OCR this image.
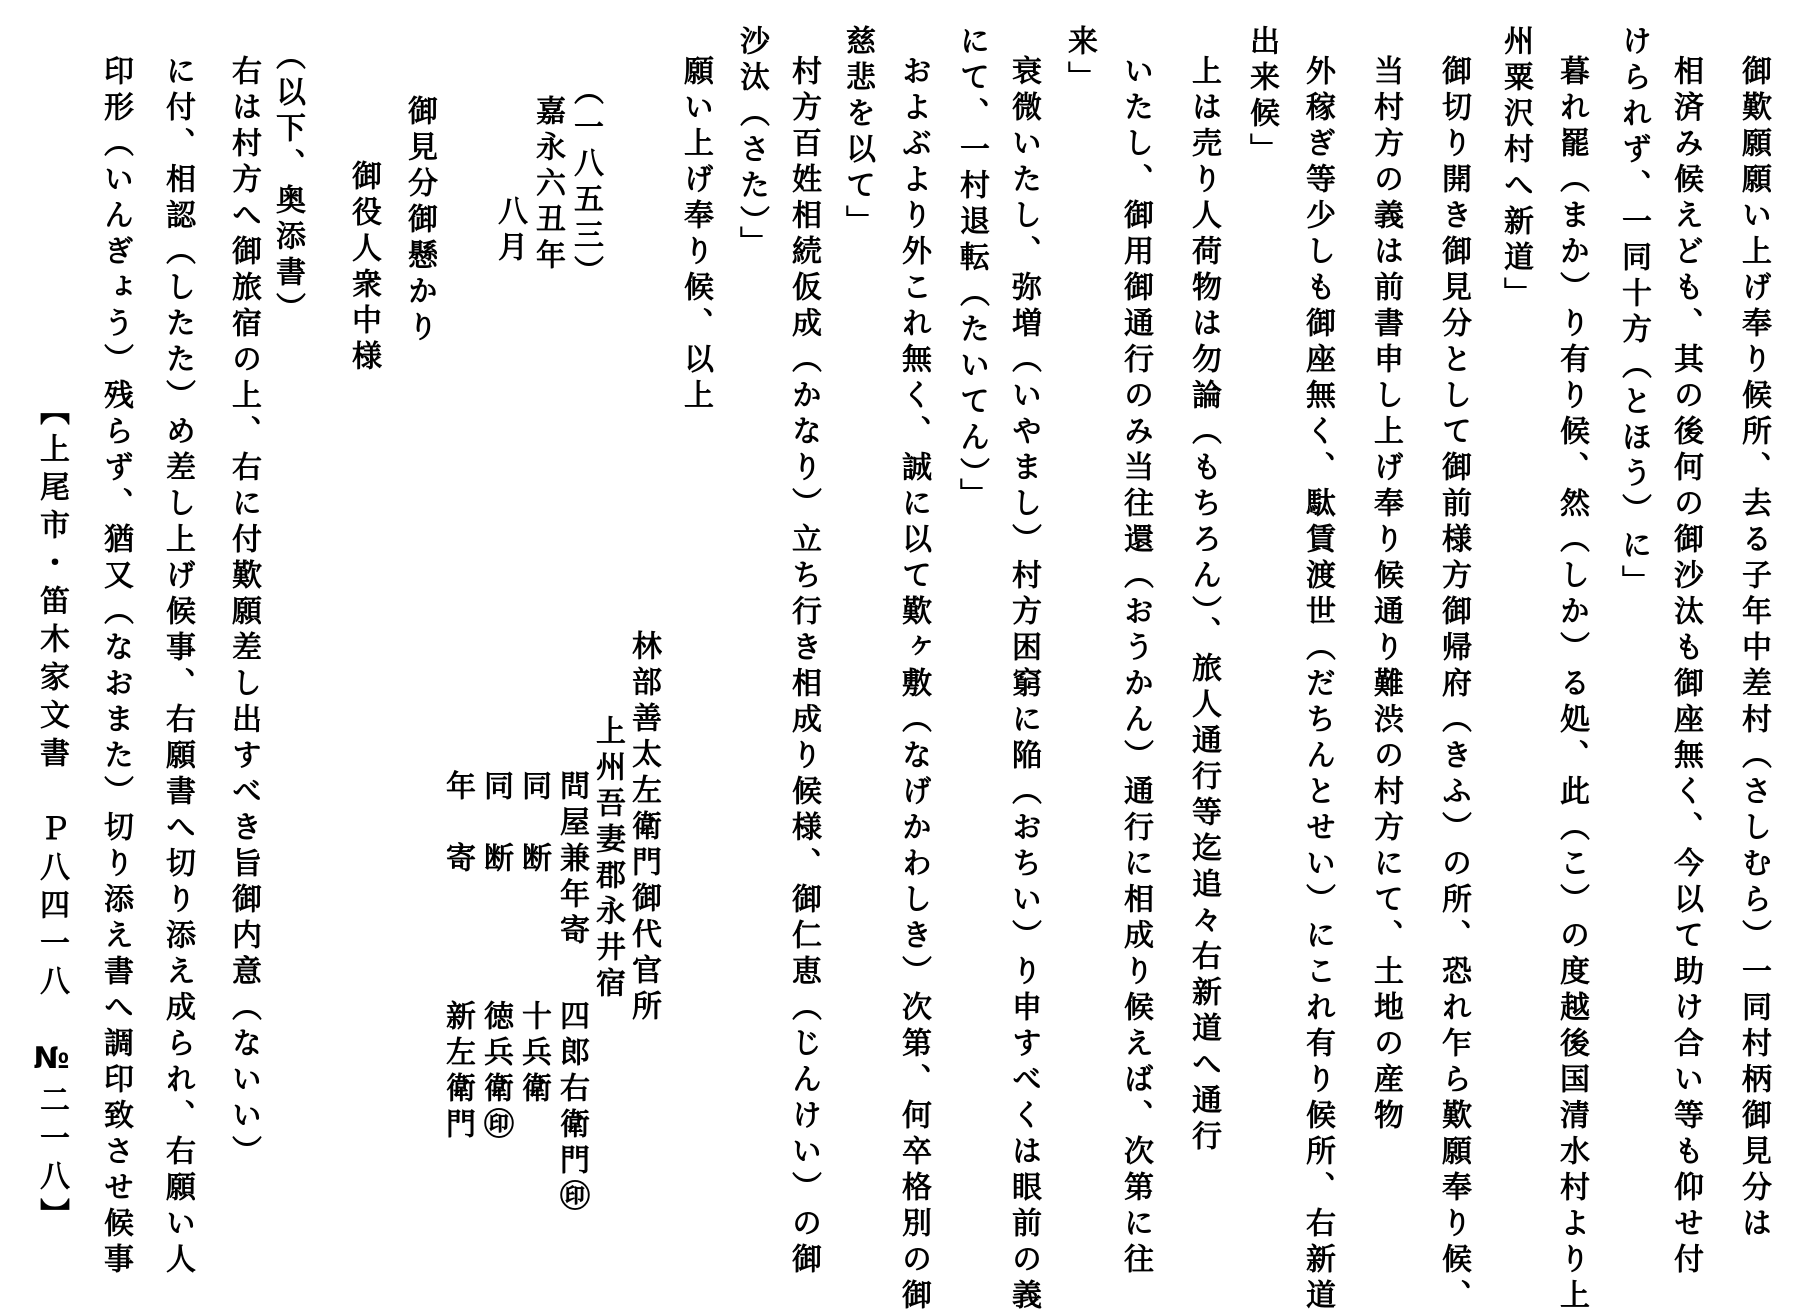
御歎願願い上げ奉り候所、去る子年中差村（さしむら）一同村柄御見分は
相済み候えども、其の後何の御沙汰も御座無く、今以て助け合い等も仰せ付
けられず、一同十方（とほう）に」
暮れ罷（まか）り有り候、然（しか）る処、此（こ）の度越後国清水村より上
州粟沢村へ新道」
御切り開き御見分として御前様方御帰府（きふ）の所、恐れ乍ら歎願奉り候、
当村方の義は前書申し上げ奉り候通り難渋の村方にて、土地の産物
外稼ぎ等少しも御座無く、駄賃渡世（だちんとせい）にこれ有り候所、右新道
出来候」
上は売り人荷物は勿論（もちろん）、旅人通行等迄追々右新道へ通行
いたし、御用御通行のみ当往還（おうかん）通行に相成り候えば、次第に往
来」
衰微いたし、弥増（いやまし）村方困窮に陥（おちい）り申すべくは眼前の義
にて、一村退転（たいてん）」
およぶより外これ無く、誠に以て歎ヶ敷（なげかわしき）次第、何卒格別の御
慈悲を以て」
村方百姓相続仮成（かなり）立ち行き相成り候様、御仁恵（じんけい）の御
沙汰（さた）」
願い上げ奉り候、以上
林部善太左衛門御代官所
上州吾妻郡永井宿
問屋兼年寄
四郎右衛門㊞
同　断
十兵衛
同　断
徳兵衛㊞
年　寄
新左衛門
（一八五三）
嘉永六丑年
八月
御見分御懸かり
御役人衆中様
（以下、奥添書）
右は村方へ御旅宿の上、右に付歎願差し出すべき旨御内意（ないい）
に付、相認（したた）め差し上げ候事、右願書へ切り添え成られ、右願い人
印形（いんぎょう）残らず、猶又（なおまた）切り添え書へ調印致させ候事
【上尾市・笛木家文書　Ｐ八四一八　№二一八】
